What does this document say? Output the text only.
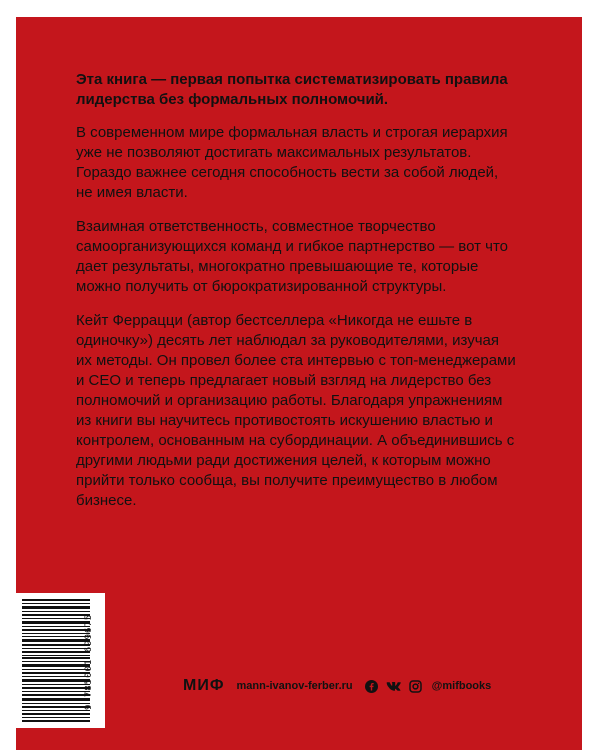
Эта книга — первая попытка систематизировать правила лидерства без формальных полномочий.

В современном мире формальная власть и строгая иерархия уже не позволяют достигать максимальных результатов. Гораздо важнее сегодня способность вести за собой людей, не имея власти.

Взаимная ответственность, совместное творчество самоорганизующихся команд и гибкое партнерство — вот что дает результаты, многократно превышающие те, которые можно получить от бюрократизированной структуры.

Кейт Феррацци (автор бестселлера «Никогда не ешьте в одиночку») десять лет наблюдал за руководителями, изучая их методы. Он провел более ста интервью с топ-менеджерами и CEO и теперь предлагает новый взгляд на лидерство без полномочий и организацию работы. Благодаря упражнениям из книги вы научитесь противостоять искушению властью и контролем, основанным на субординации. А объединившись с другими людьми ради достижения целей, к которым можно прийти только сообща, вы получите преимущество в любом бизнесе.

9 785001 699675	МИФ mann-ivanov-ferber.ru	@mifbooks
